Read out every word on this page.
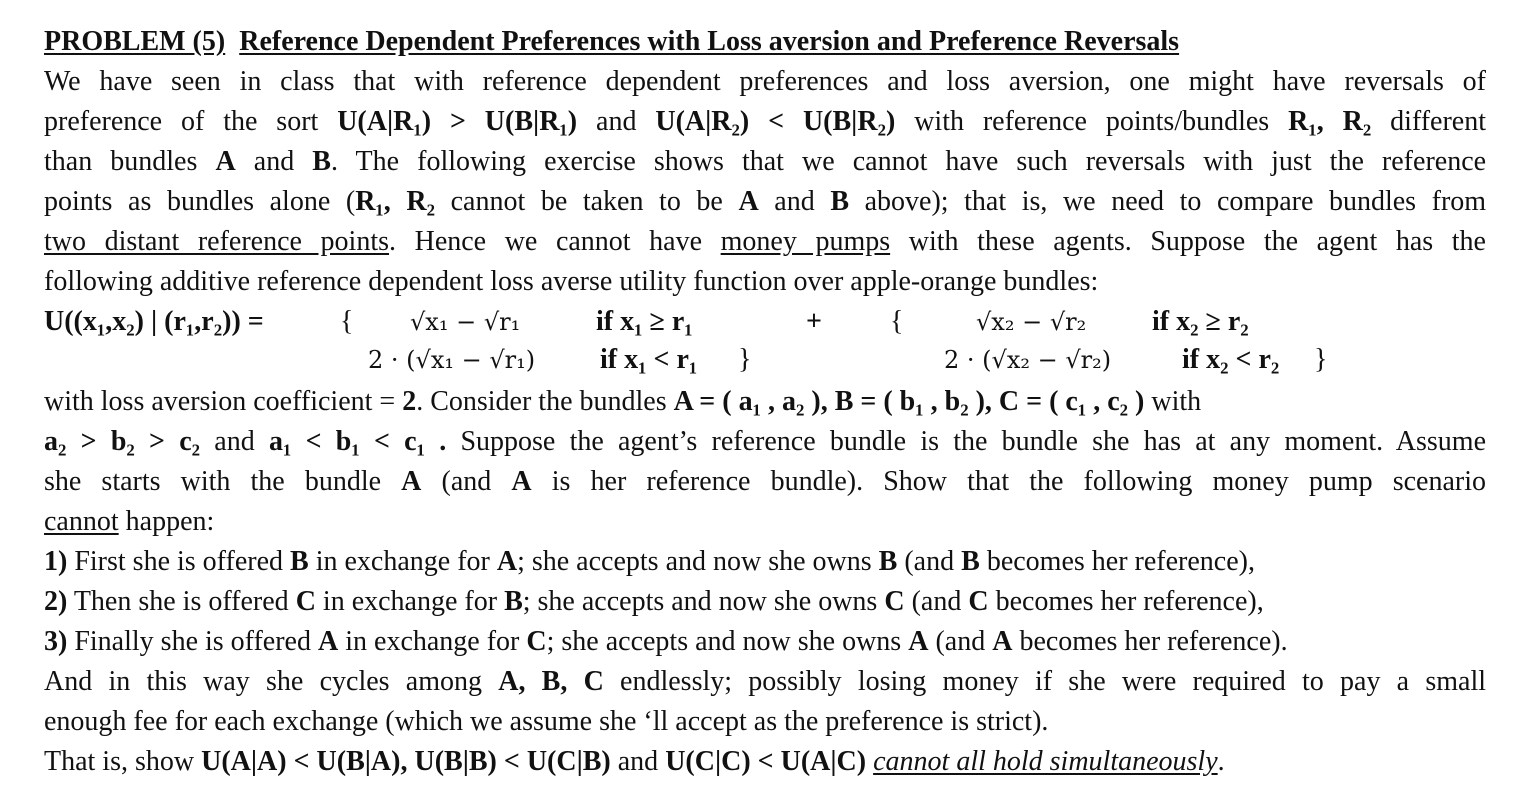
PROBLEM (5) Reference Dependent Preferences with Loss aversion and Preference Reversals
We have seen in class that with reference dependent preferences and loss aversion, one might have reversals of
preference of the sort U(A|R₁) > U(B|R₁) and U(A|R₂) < U(B|R₂) with reference points/bundles R₁, R₂ different
than bundles A and B. The following exercise shows that we cannot have such reversals with just the reference
points as bundles alone (R₁, R₂ cannot be taken to be A and B above); that is, we need to compare bundles from
two distant reference points. Hence we cannot have money pumps with these agents. Suppose the agent has the
following additive reference dependent loss averse utility function over apple-orange bundles:
U((x₁,x₂) | (r₁,r₂)) =	{ √x₁ − √r₁	if x₁ ≥ r₁
2 · (√x₁ − √r₁) if x₁ < r₁ }
+ {	√x₂ − √r₂ if x₂ ≥ r₂
2 · (√x₂ − √r₂)	if x₂ < r₂ }
with loss aversion coefficient = 2. Consider the bundles A = ( a₁ , a₂ ), B = ( b₁ , b₂ ), C = ( c₁ , c₂ ) with
a₂ > b₂ > c₂ and a₁ < b₁ < c₁ . Suppose the agent’s reference bundle is the bundle she has at any moment. Assume
she starts with the bundle A (and A is her reference bundle). Show that the following money pump scenario
cannot happen:
1) First she is offered B in exchange for A; she accepts and now she owns B (and B becomes her reference),
2) Then she is offered C in exchange for B; she accepts and now she owns C (and C becomes her reference),
3) Finally she is offered A in exchange for C; she accepts and now she owns A (and A becomes her reference).
And in this way she cycles among A, B, C endlessly; possibly losing money if she were required to pay a small
enough fee for each exchange (which we assume she ‘ll accept as the preference is strict).
That is, show U(A|A) < U(B|A), U(B|B) < U(C|B) and U(C|C) < U(A|C) cannot all hold simultaneously.
